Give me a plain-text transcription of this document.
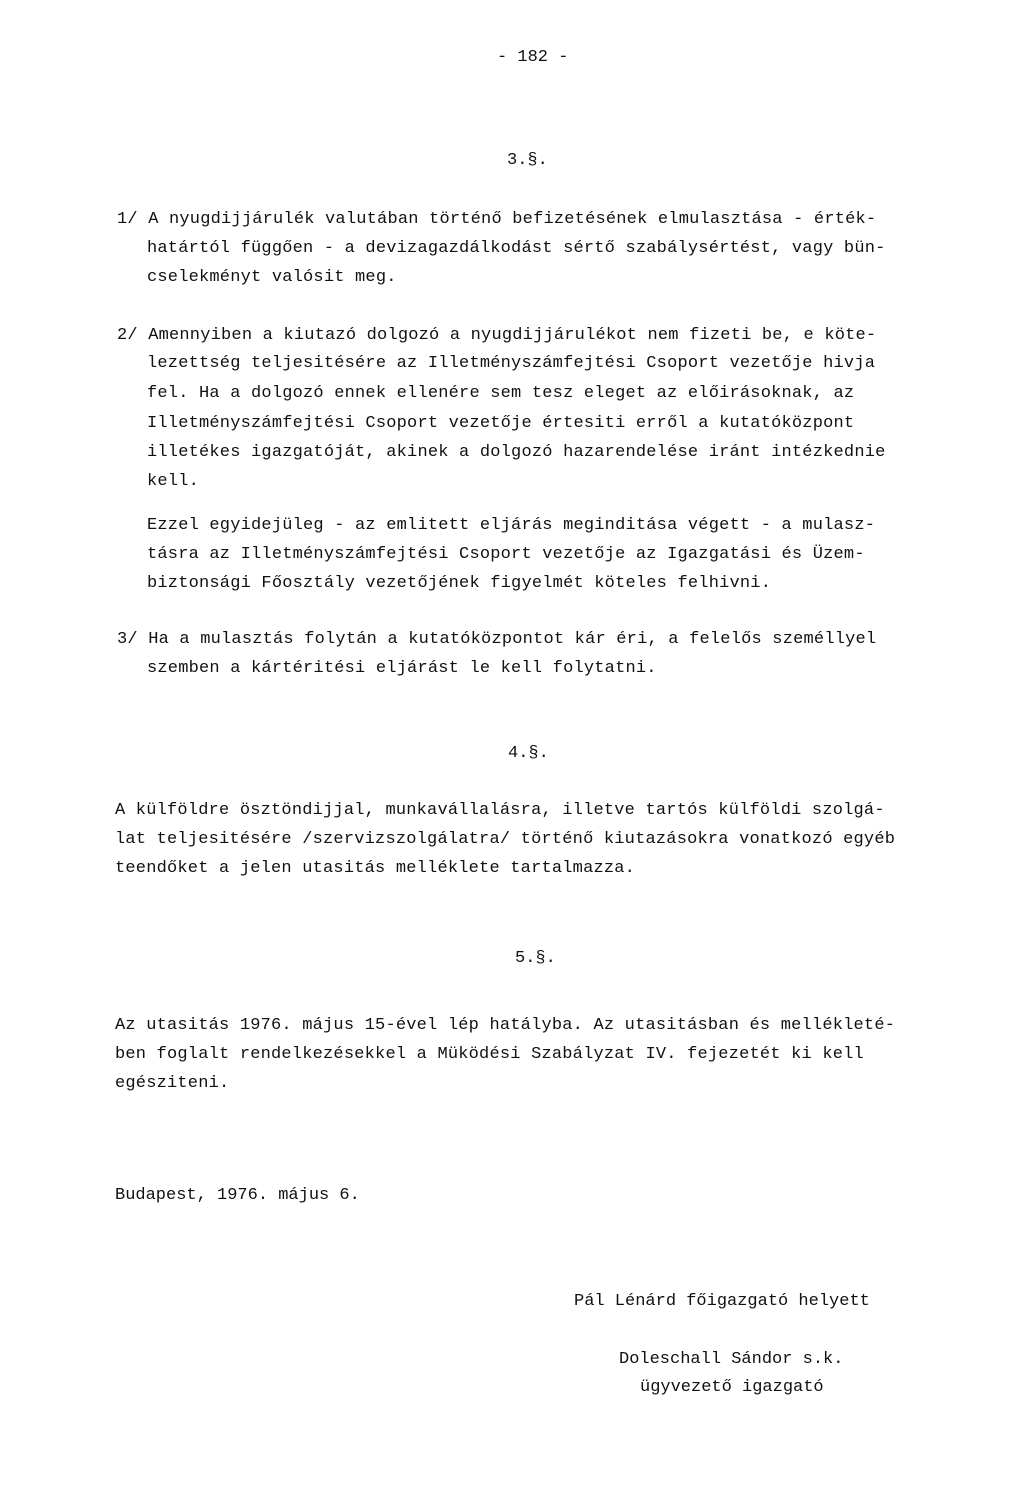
- 182 -
3.§.
1/ A nyugdijjárulék valutában történő befizetésének elmulasztása - érték-
határtól függően - a devizagazdálkodást sértő szabálysértést, vagy bün-
cselekményt valósit meg.
2/ Amennyiben a kiutazó dolgozó a nyugdijjárulékot nem fizeti be, e köte-
lezettség teljesitésére az Illetményszámfejtési Csoport vezetője hivja
fel. Ha a dolgozó ennek ellenére sem tesz eleget az előirásoknak, az
Illetményszámfejtési Csoport vezetője értesiti erről a kutatóközpont
illetékes igazgatóját, akinek a dolgozó hazarendelése iránt intézkednie
kell.
Ezzel egyidejüleg - az emlitett eljárás meginditása végett - a mulasz-
tásra az Illetményszámfejtési Csoport vezetője az Igazgatási és Üzem-
biztonsági Főosztály vezetőjének figyelmét köteles felhivni.
3/ Ha a mulasztás folytán a kutatóközpontot kár éri, a felelős személlyel
szemben a kártéritési eljárást le kell folytatni.
4.§.
A külföldre ösztöndijjal, munkavállalásra, illetve tartós külföldi szolgá-
lat teljesitésére /szervizszolgálatra/ történő kiutazásokra vonatkozó egyéb
teendőket a jelen utasitás melléklete tartalmazza.
5.§.
Az utasitás 1976. május 15-ével lép hatályba. Az utasitásban és mellékleté-
ben foglalt rendelkezésekkel a Müködési Szabályzat IV. fejezetét ki kell
egésziteni.
Budapest, 1976. május 6.
Pál Lénárd főigazgató helyett
Doleschall Sándor s.k.
ügyvezető igazgató
